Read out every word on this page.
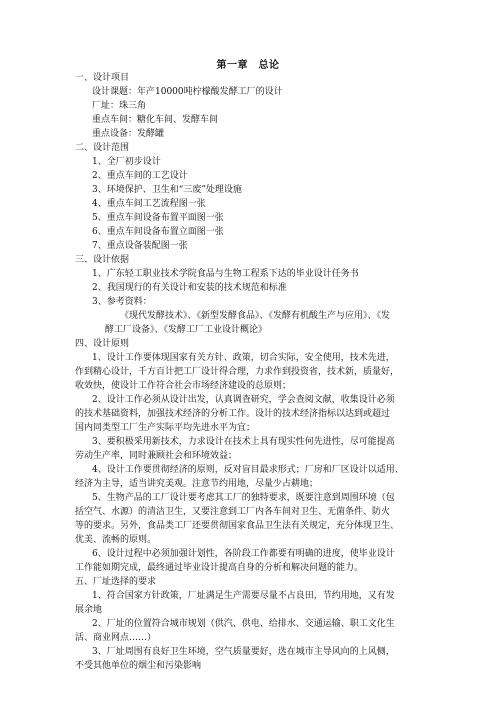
第一章　总论
一、设计项目
设计课题：年产10000吨柠檬酸发酵工厂的设计
厂址：珠三角
重点车间：糖化车间、发酵车间
重点设备：发酵罐
二、设计范围
1、全厂初步设计
2、重点车间的工艺设计
3、环境保护、卫生和“三废”处理设施
4、重点车间工艺流程图一张
5、重点车间设备布置平面图一张
6、重点车间设备布置立面图一张
7、重点设备装配图一张
三、设计依据
1、广东轻工职业技术学院食品与生物工程系下达的毕业设计任务书
2、我国现行的有关设计和安装的技术规范和标准
3、参考资料：
《现代发酵技术》、《新型发酵食品》、《发酵有机酸生产与应用》、《发
酵工厂设备》、《发酵工厂工业设计概论》
四、设计原则
1、设计工作要体现国家有关方针、政策，切合实际，安全使用，技术先进，
作到精心设计，千方百计把工厂设计得合理，力求作到投资省，技术新，质量好，
收效快，使设计工作符合社会市场经济建设的总原则；
2、设计工作必须从设计出发，认真调查研究，学会查阅文献，收集设计必须
的技术基础资料，加强技术经济的分析工作。设计的技术经济指标以达到或超过
国内同类型工厂生产实际平均先进水平为宜；
3、要积极采用新技术，力求设计在技术上具有现实性何先进性，尽可能提高
劳动生产率，同时兼顾社会和环境效益；
4、设计工作要贯彻经济的原则，反对盲目最求形式；厂房和厂区设计以适用、
经济为主导，适当讲究美观。注意节约用地，尽量少占耕地；
5、生物产品的工厂设计要考虑其工厂的独特要求，既要注意到周围环境（包
括空气、水源）的清洁卫生，又要注意到工厂内各车间对卫生、无菌条件、防火
等的要求。另外，食品类工厂还要贯彻国家食品卫生法有关规定，充分体现卫生、
优美、流畅的原则。
6、设计过程中必须加强计划性，各阶段工作都要有明确的进度，使毕业设计
工作能如期完成，最终通过毕业设计提高自身的分析和解决问题的能力。
五、厂址选择的要求
1、符合国家方针政策，厂址满足生产需要尽量不占良田，节约用地，又有发
展余地
2、厂址的位置符合城市规划（供汽、供电、给排水、交通运输、职工文化生
活、商业网点……）
3、厂址周围有良好卫生环境，空气质量要好，选在城市主导风向的上风侧，
不受其他单位的烟尘和污染影响
